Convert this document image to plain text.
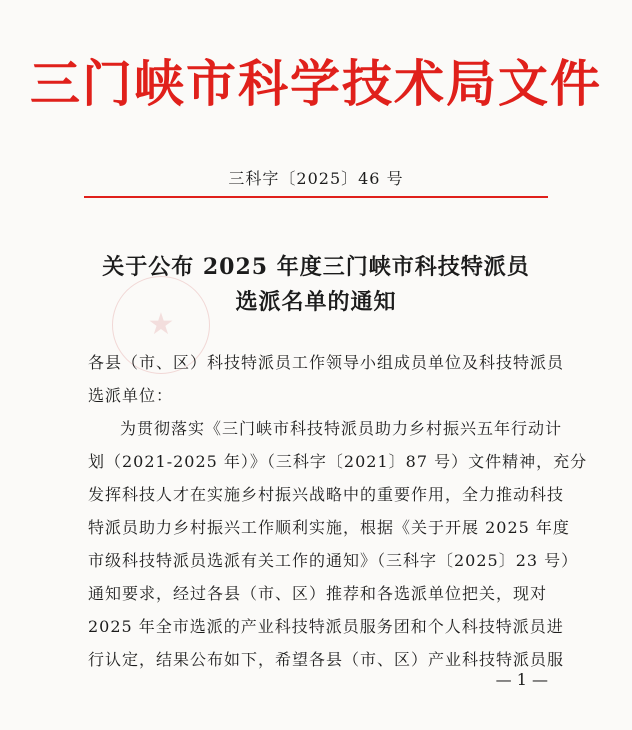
三门峡市科学技术局文件
三科字〔2025〕46 号
★
关于公布 2025 年度三门峡市科技特派员
选派名单的通知
各县（市、区）科技特派员工作领导小组成员单位及科技特派员
选派单位：
为贯彻落实《三门峡市科技特派员助力乡村振兴五年行动计
划（2021-2025 年）》（三科字〔2021〕87 号）文件精神，充分
发挥科技人才在实施乡村振兴战略中的重要作用，全力推动科技
特派员助力乡村振兴工作顺利实施，根据《关于开展 2025 年度
市级科技特派员选派有关工作的通知》（三科字〔2025〕23 号）
通知要求，经过各县（市、区）推荐和各选派单位把关，现对
2025 年全市选派的产业科技特派员服务团和个人科技特派员进
行认定，结果公布如下，希望各县（市、区）产业科技特派员服
— 1 —
